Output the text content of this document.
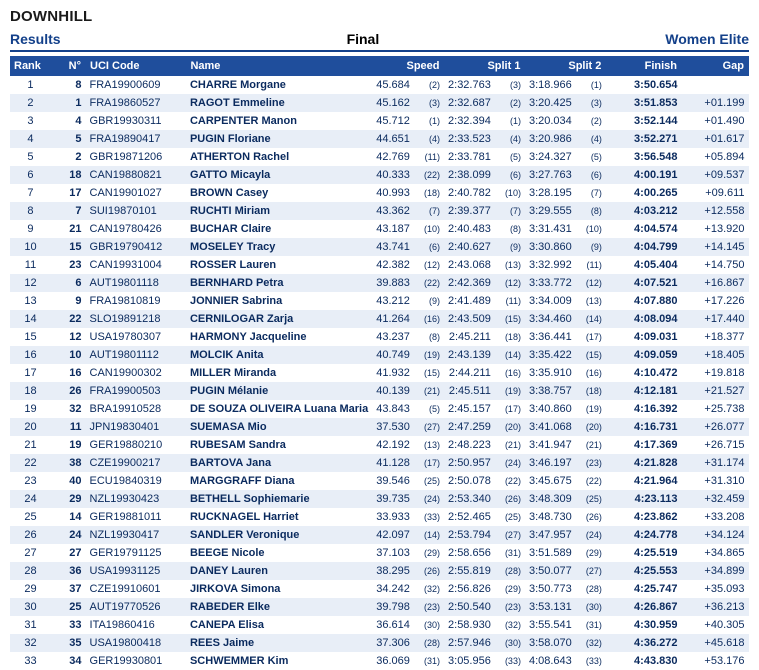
DOWNHILL
Results	Final	Women Elite
Rank	N°	UCI Code	Name	Speed		Split 1		Split 2		Finish	Gap
1	8	FRA19900609	CHARRE Morgane	45.684	(2)	2:32.763	(3)	3:18.966	(1)	3:50.654	
2	1	FRA19860527	RAGOT Emmeline	45.162	(3)	2:32.687	(2)	3:20.425	(3)	3:51.853	+01.199
3	4	GBR19930311	CARPENTER Manon	45.712	(1)	2:32.394	(1)	3:20.034	(2)	3:52.144	+01.490
4	5	FRA19890417	PUGIN Floriane	44.651	(4)	2:33.523	(4)	3:20.986	(4)	3:52.271	+01.617
5	2	GBR19871206	ATHERTON Rachel	42.769	(11)	2:33.781	(5)	3:24.327	(5)	3:56.548	+05.894
6	18	CAN19880821	GATTO Micayla	40.333	(22)	2:38.099	(6)	3:27.763	(6)	4:00.191	+09.537
7	17	CAN19901027	BROWN Casey	40.993	(18)	2:40.782	(10)	3:28.195	(7)	4:00.265	+09.611
8	7	SUI19870101	RUCHTI Miriam	43.362	(7)	2:39.377	(7)	3:29.555	(8)	4:03.212	+12.558
9	21	CAN19780426	BUCHAR Claire	43.187	(10)	2:40.483	(8)	3:31.431	(10)	4:04.574	+13.920
10	15	GBR19790412	MOSELEY Tracy	43.741	(6)	2:40.627	(9)	3:30.860	(9)	4:04.799	+14.145
11	23	CAN19931004	ROSSER Lauren	42.382	(12)	2:43.068	(13)	3:32.992	(11)	4:05.404	+14.750
12	6	AUT19801118	BERNHARD Petra	39.883	(22)	2:42.369	(12)	3:33.772	(12)	4:07.521	+16.867
13	9	FRA19810819	JONNIER Sabrina	43.212	(9)	2:41.489	(11)	3:34.009	(13)	4:07.880	+17.226
14	22	SLO19891218	CERNILOGAR Zarja	41.264	(16)	2:43.509	(15)	3:34.460	(14)	4:08.094	+17.440
15	12	USA19780307	HARMONY Jacqueline	43.237	(8)	2:45.211	(18)	3:36.441	(17)	4:09.031	+18.377
16	10	AUT19801112	MOLCIK Anita	40.749	(19)	2:43.139	(14)	3:35.422	(15)	4:09.059	+18.405
17	16	CAN19900302	MILLER Miranda	41.932	(15)	2:44.211	(16)	3:35.910	(16)	4:10.472	+19.818
18	26	FRA19900503	PUGIN Mélanie	40.139	(21)	2:45.511	(19)	3:38.757	(18)	4:12.181	+21.527
19	32	BRA19910528	DE SOUZA OLIVEIRA Luana Maria	43.843	(5)	2:45.157	(17)	3:40.860	(19)	4:16.392	+25.738
20	11	JPN19830401	SUEMASA Mio	37.530	(27)	2:47.259	(20)	3:41.068	(20)	4:16.731	+26.077
21	19	GER19880210	RUBESAM Sandra	42.192	(13)	2:48.223	(21)	3:41.947	(21)	4:17.369	+26.715
22	38	CZE19900217	BARTOVA Jana	41.128	(17)	2:50.957	(24)	3:46.197	(23)	4:21.828	+31.174
23	40	ECU19840319	MARGGRAFF Diana	39.546	(25)	2:50.078	(22)	3:45.675	(22)	4:21.964	+31.310
24	29	NZL19930423	BETHELL Sophiemarie	39.735	(24)	2:53.340	(26)	3:48.309	(25)	4:23.113	+32.459
25	14	GER19881011	RUCKNAGEL Harriet	33.933	(33)	2:52.465	(25)	3:48.730	(26)	4:23.862	+33.208
26	24	NZL19930417	SANDLER Veronique	42.097	(14)	2:53.794	(27)	3:47.957	(24)	4:24.778	+34.124
27	27	GER19791125	BEEGE Nicole	37.103	(29)	2:58.656	(31)	3:51.589	(29)	4:25.519	+34.865
28	36	USA19931125	DANEY Lauren	38.295	(26)	2:55.819	(28)	3:50.077	(27)	4:25.553	+34.899
29	37	CZE19910601	JIRKOVA Simona	34.242	(32)	2:56.826	(29)	3:50.773	(28)	4:25.747	+35.093
30	25	AUT19770526	RABEDER Elke	39.798	(23)	2:50.540	(23)	3:53.131	(30)	4:26.867	+36.213
31	33	ITA19860416	CANEPA Elisa	36.614	(30)	2:58.930	(32)	3:55.541	(31)	4:30.959	+40.305
32	35	USA19800418	REES Jaime	37.306	(28)	2:57.946	(30)	3:58.070	(32)	4:36.272	+45.618
33	34	GER19930801	SCHWEMMER Kim	36.069	(31)	3:05.956	(33)	4:08.643	(33)	4:43.830	+53.176
